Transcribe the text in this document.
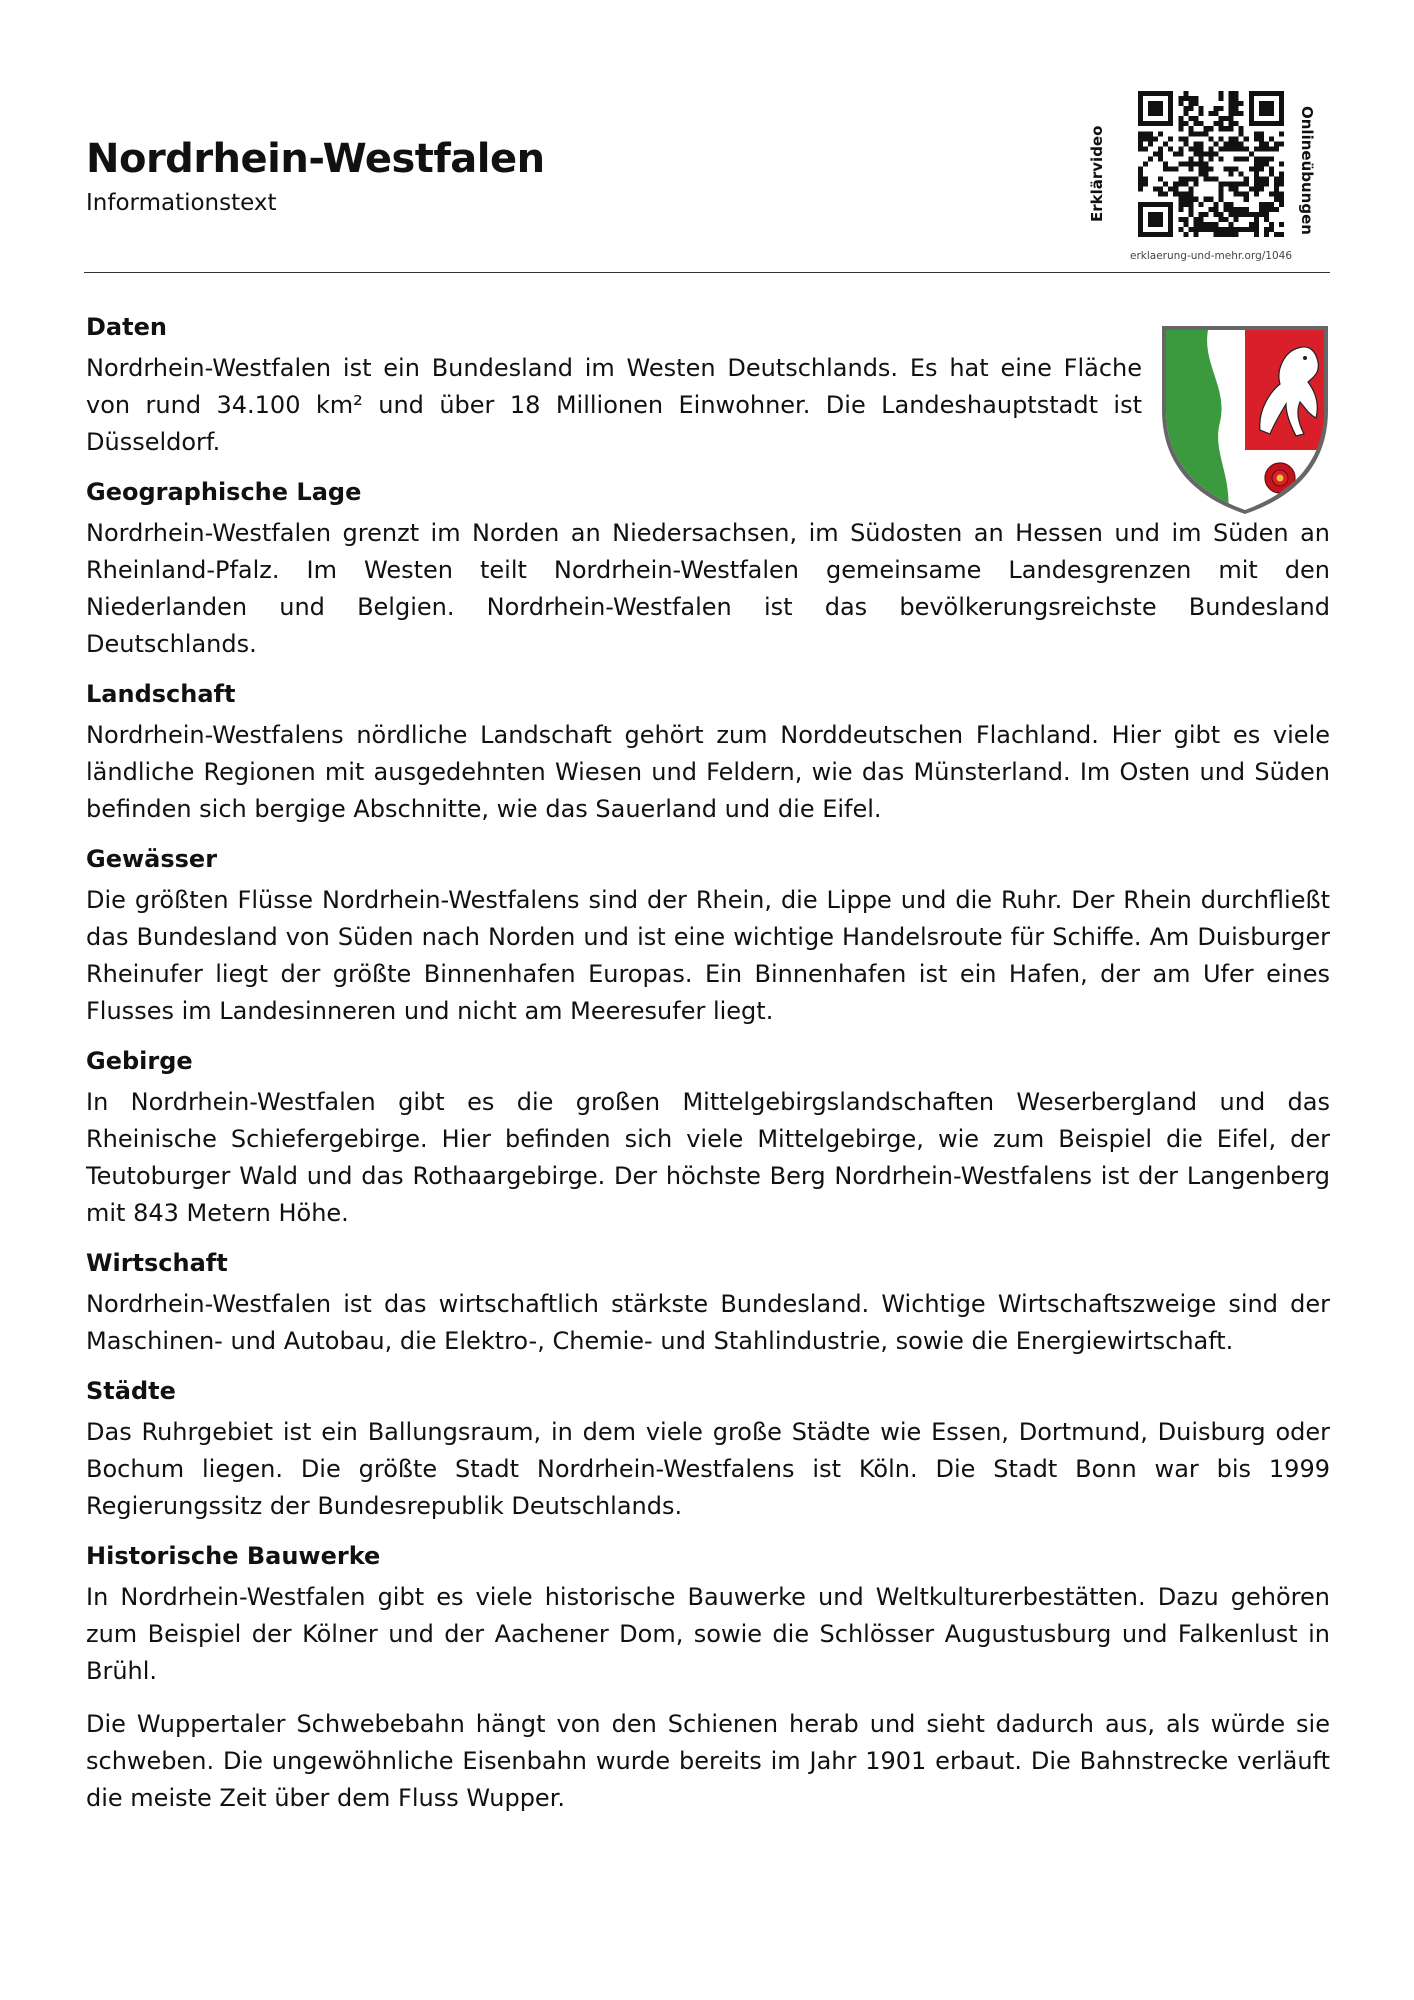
Nordrhein-Westfalen
Informationstext	Erklärvideo	Onlineübungen
erklaerung-und-mehr.org/1046
Daten

Nordrhein-Westfalen ist ein Bundesland im Westen Deutschlands. Es hat eine Fläche von rund 34.100 km² und über 18 Millionen Einwohner. Die Landeshauptstadt ist Düsseldorf.

Geographische Lage

Nordrhein-Westfalen grenzt im Norden an Niedersachsen, im Südosten an Hessen und im Süden an Rheinland-Pfalz. Im Westen teilt Nordrhein-Westfalen gemeinsame Landesgrenzen mit den Niederlanden und Belgien. Nordrhein-Westfalen ist das bevölkerungsreichste Bundesland Deutschlands.

Landschaft

Nordrhein-Westfalens nördliche Landschaft gehört zum Norddeutschen Flachland. Hier gibt es viele ländliche Regionen mit ausgedehnten Wiesen und Feldern, wie das Münsterland. Im Osten und Süden befinden sich bergige Abschnitte, wie das Sauerland und die Eifel.

Gewässer

Die größten Flüsse Nordrhein-Westfalens sind der Rhein, die Lippe und die Ruhr. Der Rhein durchfließt das Bundesland von Süden nach Norden und ist eine wichtige Handelsroute für Schiffe. Am Duisburger Rheinufer liegt der größte Binnenhafen Europas. Ein Binnenhafen ist ein Hafen, der am Ufer eines Flusses im Landesinneren und nicht am Meeresufer liegt.

Gebirge

In Nordrhein-Westfalen gibt es die großen Mittelgebirgslandschaften Weserbergland und das Rheinische Schiefergebirge. Hier befinden sich viele Mittelgebirge, wie zum Beispiel die Eifel, der Teutoburger Wald und das Rothaargebirge. Der höchste Berg Nordrhein-Westfalens ist der Langenberg mit 843 Metern Höhe.

Wirtschaft

Nordrhein-Westfalen ist das wirtschaftlich stärkste Bundesland. Wichtige Wirtschaftszweige sind der Maschinen- und Autobau, die Elektro-, Chemie- und Stahlindustrie, sowie die Energiewirtschaft.

Städte

Das Ruhrgebiet ist ein Ballungsraum, in dem viele große Städte wie Essen, Dortmund, Duisburg oder Bochum liegen. Die größte Stadt Nordrhein-Westfalens ist Köln. Die Stadt Bonn war bis 1999 Regierungssitz der Bundesrepublik Deutschlands.

Historische Bauwerke

In Nordrhein-Westfalen gibt es viele historische Bauwerke und Weltkulturerbestätten. Dazu gehören zum Beispiel der Kölner und der Aachener Dom, sowie die Schlösser Augustusburg und Falkenlust in Brühl.

Die Wuppertaler Schwebebahn hängt von den Schienen herab und sieht dadurch aus, als würde sie schweben. Die ungewöhnliche Eisenbahn wurde bereits im Jahr 1901 erbaut. Die Bahnstrecke verläuft die meiste Zeit über dem Fluss Wupper.
